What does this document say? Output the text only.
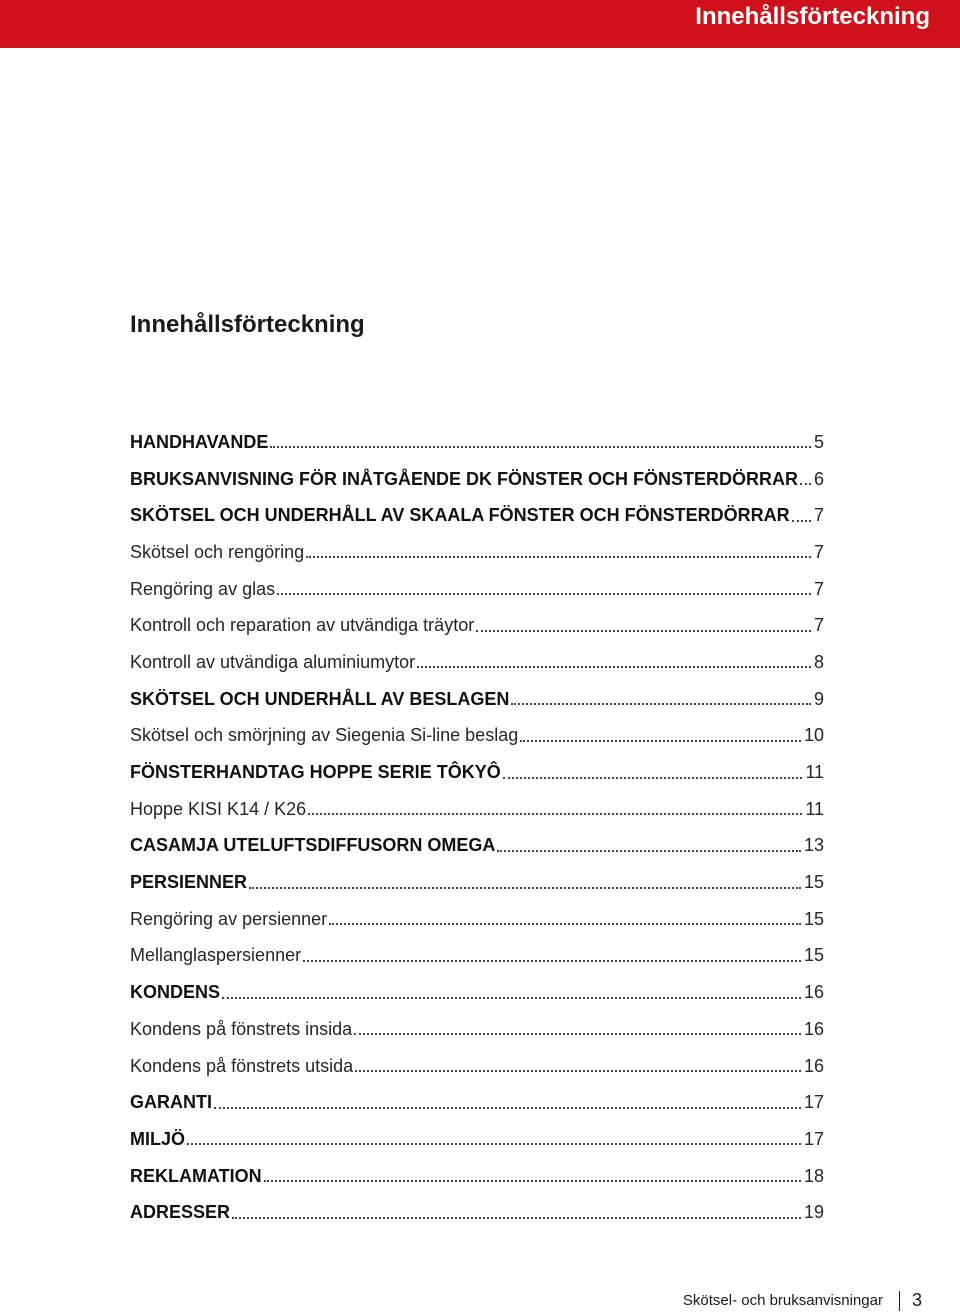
Innehållsförteckning
Innehållsförteckning
HANDHAVANDE	5
BRUKSANVISNING FÖR INÅTGÅENDE DK FÖNSTER OCH FÖNSTERDÖRRAR 6
SKÖTSEL OCH UNDERHÅLL AV SKAALA FÖNSTER OCH FÖNSTERDÖRRAR 7
Skötsel och rengöring	7
Rengöring av glas	7
Kontroll och reparation av utvändiga träytor	7
Kontroll av utvändiga aluminiumytor	8
SKÖTSEL OCH UNDERHÅLL AV BESLAGEN	9
Skötsel och smörjning av Siegenia Si-line beslag	10
FÖNSTERHANDTAG HOPPE SERIE TÔKYÔ	11
Hoppe KISI K14 / K26	11
CASAMJA UTELUFTSDIFFUSORN OMEGA	13
PERSIENNER	15
Rengöring av persienner	15
Mellanglaspersienner	15
KONDENS	16
Kondens på fönstrets insida	16
Kondens på fönstrets utsida	16
GARANTI	17
MILJÖ	17
REKLAMATION	18
ADRESSER	19
Skötsel- och bruksanvisningar 3
